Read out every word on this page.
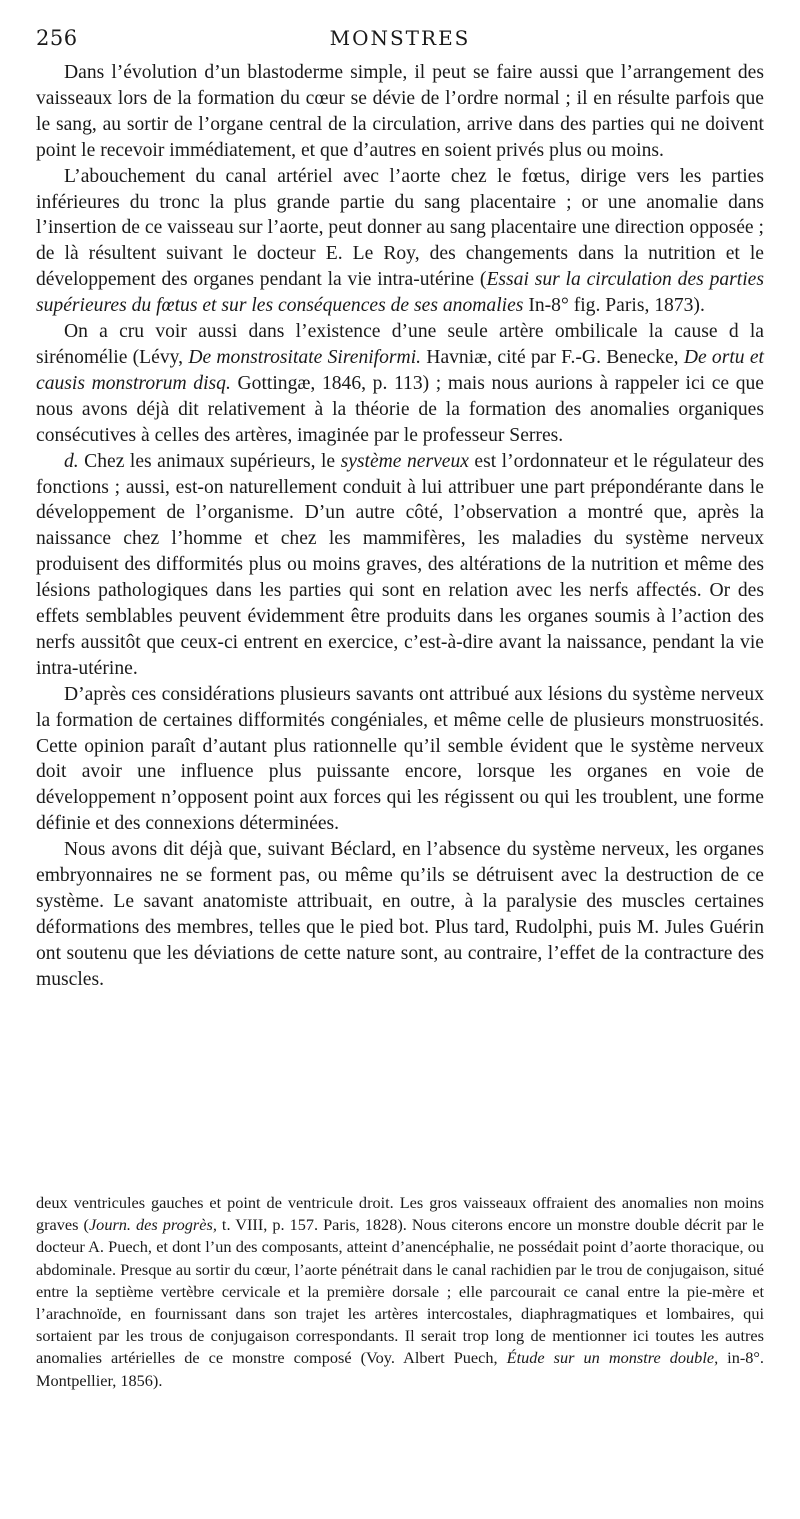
256	MONSTRES

Dans l’évolution d’un blastoderme simple, il peut se faire aussi que l’arrangement des vaisseaux lors de la formation du cœur se dévie de l’ordre normal ; il en résulte parfois que le sang, au sortir de l’organe central de la circulation, arrive dans des parties qui ne doivent point le recevoir immédiatement, et que d’autres en soient privés plus ou moins.

L’abouchement du canal artériel avec l’aorte chez le fœtus, dirige vers les parties inférieures du tronc la plus grande partie du sang placentaire ; or une anomalie dans l’insertion de ce vaisseau sur l’aorte, peut donner au sang placentaire une direction opposée ; de là résultent suivant le docteur E. Le Roy, des changements dans la nutrition et le développement des organes pendant la vie intra-utérine (Essai sur la circulation des parties supérieures du fœtus et sur les conséquences de ses anomalies In-8° fig. Paris, 1873).

On a cru voir aussi dans l’existence d’une seule artère ombilicale la cause d la sirénomélie (Lévy, De monstrositate Sireniformi. Havniæ, cité par F.-G. Benecke, De ortu et causis monstrorum disq. Gottingæ, 1846, p. 113) ; mais nous aurions à rappeler ici ce que nous avons déjà dit relativement à la théorie de la formation des anomalies organiques consécutives à celles des artères, imaginée par le professeur Serres.

d. Chez les animaux supérieurs, le système nerveux est l’ordonnateur et le régulateur des fonctions ; aussi, est-on naturellement conduit à lui attribuer une part prépondérante dans le développement de l’organisme. D’un autre côté, l’observation a montré que, après la naissance chez l’homme et chez les mammifères, les maladies du système nerveux produisent des difformités plus ou moins graves, des altérations de la nutrition et même des lésions pathologiques dans les parties qui sont en relation avec les nerfs affectés. Or des effets semblables peuvent évidemment être produits dans les organes soumis à l’action des nerfs aussitôt que ceux-ci entrent en exercice, c’est-à-dire avant la naissance, pendant la vie intra-utérine.

D’après ces considérations plusieurs savants ont attribué aux lésions du système nerveux la formation de certaines difformités congéniales, et même celle de plusieurs monstruosités. Cette opinion paraît d’autant plus rationnelle qu’il semble évident que le système nerveux doit avoir une influence plus puissante encore, lorsque les organes en voie de développement n’opposent point aux forces qui les régissent ou qui les troublent, une forme définie et des connexions déterminées.

Nous avons dit déjà que, suivant Béclard, en l’absence du système nerveux, les organes embryonnaires ne se forment pas, ou même qu’ils se détruisent avec la destruction de ce système. Le savant anatomiste attribuait, en outre, à la paralysie des muscles certaines déformations des membres, telles que le pied bot. Plus tard, Rudolphi, puis M. Jules Guérin ont soutenu que les déviations de cette nature sont, au contraire, l’effet de la contracture des muscles.

deux ventricules gauches et point de ventricule droit. Les gros vaisseaux offraient des anomalies non moins graves (Journ. des progrès, t. VIII, p. 157. Paris, 1828). Nous citerons encore un monstre double décrit par le docteur A. Puech, et dont l’un des composants, atteint d’anencéphalie, ne possédait point d’aorte thoracique, ou abdominale. Presque au sortir du cœur, l’aorte pénétrait dans le canal rachidien par le trou de conjugaison, situé entre la septième vertèbre cervicale et la première dorsale ; elle parcourait ce canal entre la pie-mère et l’arachnoïde, en fournissant dans son trajet les artères intercostales, diaphragmatiques et lombaires, qui sortaient par les trous de conjugaison correspondants. Il serait trop long de mentionner ici toutes les autres anomalies artérielles de ce monstre composé (Voy. Albert Puech, Étude sur un monstre double, in-8°. Montpellier, 1856).
